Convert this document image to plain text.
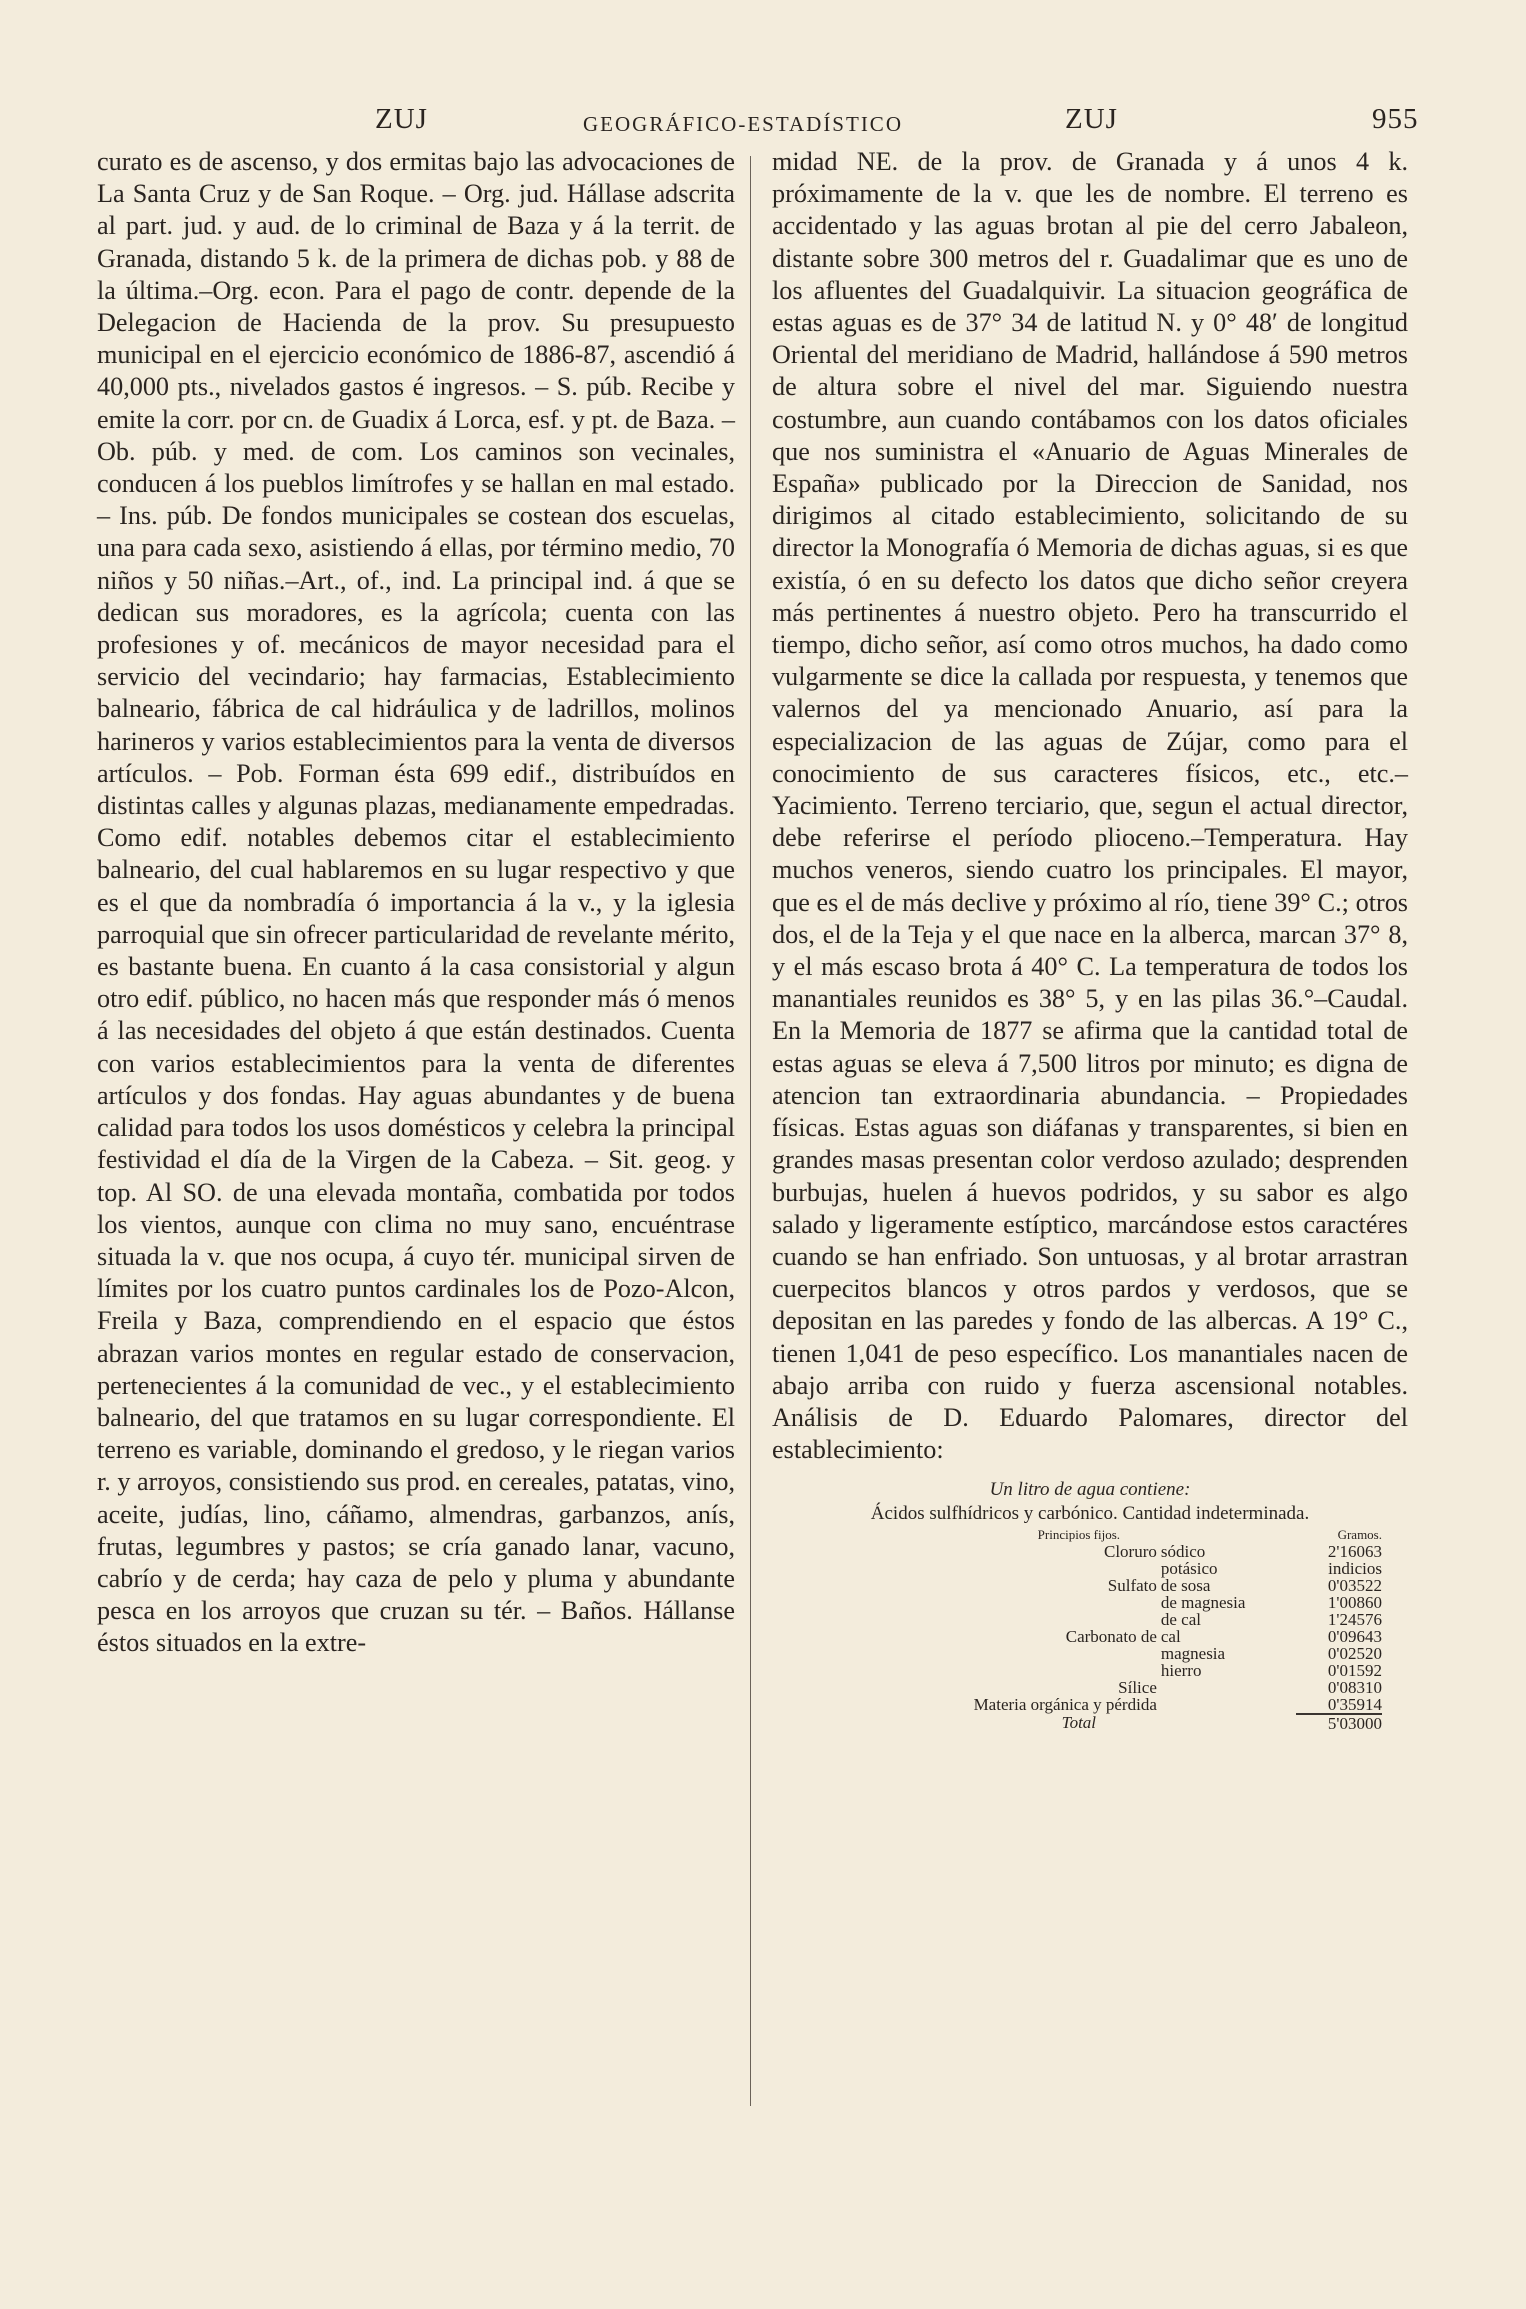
ZUJ	GEOGRÁFICO-ESTADÍSTICO	ZUJ	955

curato es de ascenso, y dos ermitas bajo las advocaciones de La Santa Cruz y de San Roque. – Org. jud. Hállase adscrita al part. jud. y aud. de lo criminal de Baza y á la territ. de Granada, distando 5 k. de la primera de dichas pob. y 88 de la última.–Org. econ. Para el pago de contr. depende de la Delegacion de Hacienda de la prov. Su presupuesto municipal en el ejercicio económico de 1886-87, ascendió á 40,000 pts., nivelados gastos é ingresos. – S. púb. Recibe y emite la corr. por cn. de Guadix á Lorca, esf. y pt. de Baza. – Ob. púb. y med. de com. Los caminos son vecinales, conducen á los pueblos limítrofes y se hallan en mal estado. – Ins. púb. De fondos municipales se costean dos escuelas, una para cada sexo, asistiendo á ellas, por término medio, 70 niños y 50 niñas.–Art., of., ind. La principal ind. á que se dedican sus moradores, es la agrícola; cuenta con las profesiones y of. mecánicos de mayor necesidad para el servicio del vecindario; hay farmacias, Establecimiento balneario, fábrica de cal hidráulica y de ladrillos, molinos harineros y varios establecimientos para la venta de diversos artículos. – Pob. Forman ésta 699 edif., distribuídos en distintas calles y algunas plazas, medianamente empedradas. Como edif. notables debemos citar el establecimiento balneario, del cual hablaremos en su lugar respectivo y que es el que da nombradía ó importancia á la v., y la iglesia parroquial que sin ofrecer particularidad de revelante mérito, es bastante buena. En cuanto á la casa consistorial y algun otro edif. público, no hacen más que responder más ó menos á las necesidades del objeto á que están destinados. Cuenta con varios establecimientos para la venta de diferentes artículos y dos fondas. Hay aguas abundantes y de buena calidad para todos los usos domésticos y celebra la principal festividad el día de la Virgen de la Cabeza. – Sit. geog. y top. Al SO. de una elevada montaña, combatida por todos los vientos, aunque con clima no muy sano, encuéntrase situada la v. que nos ocupa, á cuyo tér. municipal sirven de límites por los cuatro puntos cardinales los de Pozo-Alcon, Freila y Baza, comprendiendo en el espacio que éstos abrazan varios montes en regular estado de conservacion, pertenecientes á la comunidad de vec., y el establecimiento balneario, del que tratamos en su lugar correspondiente. El terreno es variable, dominando el gredoso, y le riegan varios r. y arroyos, consistiendo sus prod. en cereales, patatas, vino, aceite, judías, lino, cáñamo, almendras, garbanzos, anís, frutas, legumbres y pastos; se cría ganado lanar, vacuno, cabrío y de cerda; hay caza de pelo y pluma y abundante pesca en los arroyos que cruzan su tér. – Baños. Hállanse éstos situados en la extre-

midad NE. de la prov. de Granada y á unos 4 k. próximamente de la v. que les de nombre. El terreno es accidentado y las aguas brotan al pie del cerro Jabaleon, distante sobre 300 metros del r. Guadalimar que es uno de los afluentes del Guadalquivir. La situacion geográfica de estas aguas es de 37° 34 de latitud N. y 0° 48′ de longitud Oriental del meridiano de Madrid, hallándose á 590 metros de altura sobre el nivel del mar. Siguiendo nuestra costumbre, aun cuando contábamos con los datos oficiales que nos suministra el «Anuario de Aguas Minerales de España» publicado por la Direccion de Sanidad, nos dirigimos al citado establecimiento, solicitando de su director la Monografía ó Memoria de dichas aguas, si es que existía, ó en su defecto los datos que dicho señor creyera más pertinentes á nuestro objeto. Pero ha transcurrido el tiempo, dicho señor, así como otros muchos, ha dado como vulgarmente se dice la callada por respuesta, y tenemos que valernos del ya mencionado Anuario, así para la especializacion de las aguas de Zújar, como para el conocimiento de sus caracteres físicos, etc., etc.–Yacimiento. Terreno terciario, que, segun el actual director, debe referirse el período plioceno.–Temperatura. Hay muchos veneros, siendo cuatro los principales. El mayor, que es el de más declive y próximo al río, tiene 39° C.; otros dos, el de la Teja y el que nace en la alberca, marcan 37° 8, y el más escaso brota á 40° C. La temperatura de todos los manantiales reunidos es 38° 5, y en las pilas 36.°–Caudal. En la Memoria de 1877 se afirma que la cantidad total de estas aguas se eleva á 7,500 litros por minuto; es digna de atencion tan extraordinaria abundancia. – Propiedades físicas. Estas aguas son diáfanas y transparentes, si bien en grandes masas presentan color verdoso azulado; desprenden burbujas, huelen á huevos podridos, y su sabor es algo salado y ligeramente estíptico, marcándose estos caractéres cuando se han enfriado. Son untuosas, y al brotar arrastran cuerpecitos blancos y otros pardos y verdosos, que se depositan en las paredes y fondo de las albercas. A 19° C., tienen 1,041 de peso específico. Los manantiales nacen de abajo arriba con ruido y fuerza ascensional notables. Análisis de D. Eduardo Palomares, director del establecimiento:

Un litro de agua contiene:
Ácidos sulfhídricos y carbónico. Cantidad indeterminada.
Principios fijos.		Gramos.
Cloruro	sódico	2'16063
	potásico	indicios
Sulfato	de sosa	0'03522
	de magnesia	1'00860
	de cal	1'24576
Carbonato de	cal	0'09643
	magnesia	0'02520
	hierro	0'01592
Sílice		0'08310
Materia orgánica y pérdida		0'35914
Total		5'03000
